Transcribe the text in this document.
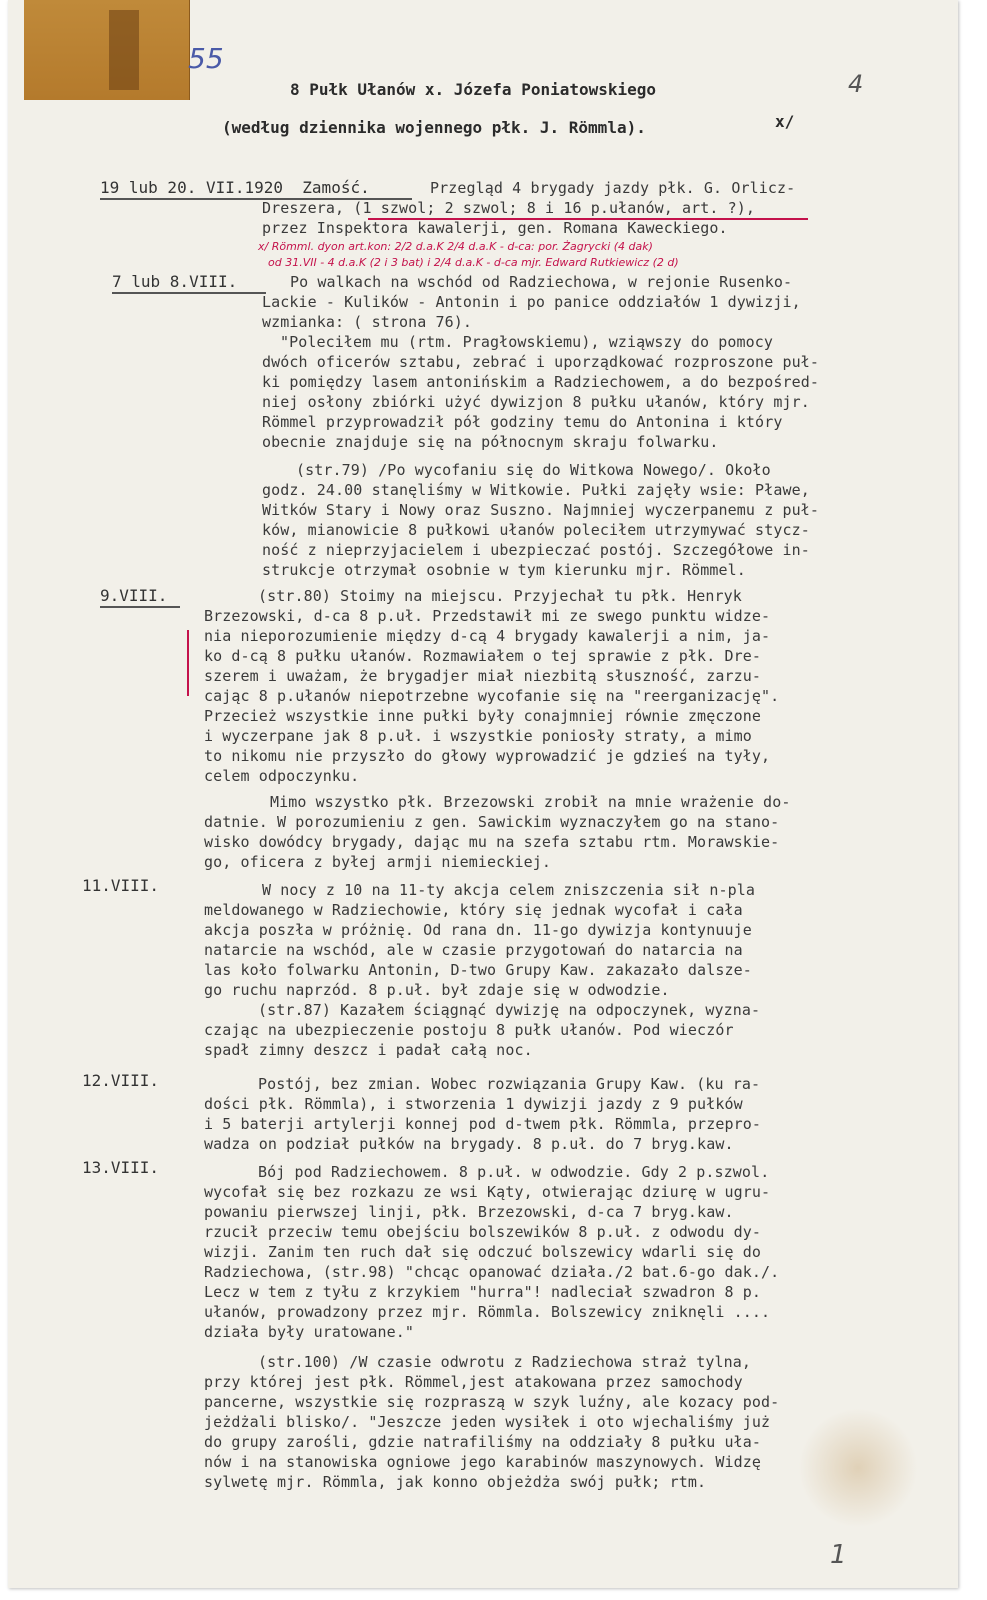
55
4
1
8 Pułk Ułanów x. Józefa Poniatowskiego
(według dziennika wojennego płk. J. Römmla).	x/
19 lub 20. VII.1920  Zamość.	Przegląd 4 brygady jazdy płk. G. Orlicz-
Dreszera, (1 szwol; 2 szwol; 8 i 16 p.ułanów, art. ?),
przez Inspektora kawalerji, gen. Romana Kaweckiego.
x/ Römml. dyon art.kon: 2/2 d.a.K 2/4 d.a.K - d-ca: por. Żagrycki (4 dak)
od 31.VII - 4 d.a.K (2 i 3 bat) i 2/4 d.a.K - d-ca mjr. Edward Rutkiewicz (2 d)
7 lub 8.VIII.	Po walkach na wschód od Radziechowa, w rejonie Rusenko-
Lackie - Kulików - Antonin i po panice oddziałów 1 dywizji,
wzmianka: ( strona 76).
"Poleciłem mu (rtm. Pragłowskiemu), wziąwszy do pomocy
dwóch oficerów sztabu, zebrać i uporządkować rozproszone puł-
ki pomiędzy lasem antonińskim a Radziechowem, a do bezpośred-
niej osłony zbiórki użyć dywizjon 8 pułku ułanów, który mjr.
Römmel przyprowadził pół godziny temu do Antonina i który
obecnie znajduje się na północnym skraju folwarku.
(str.79) /Po wycofaniu się do Witkowa Nowego/. Około
godz. 24.00 stanęliśmy w Witkowie. Pułki zajęły wsie: Pławe,
Witków Stary i Nowy oraz Suszno. Najmniej wyczerpanemu z puł-
ków, mianowicie 8 pułkowi ułanów poleciłem utrzymywać stycz-
ność z nieprzyjacielem i ubezpieczać postój. Szczegółowe in-
strukcje otrzymał osobnie w tym kierunku mjr. Römmel.
9.VIII.	(str.80) Stoimy na miejscu. Przyjechał tu płk. Henryk
Brzezowski, d-ca 8 p.uł. Przedstawił mi ze swego punktu widze-
nia nieporozumienie między d-cą 4 brygady kawalerji a nim, ja-
ko d-cą 8 pułku ułanów. Rozmawiałem o tej sprawie z płk. Dre-
szerem i uważam, że brygadjer miał niezbitą słuszność, zarzu-
cając 8 p.ułanów niepotrzebne wycofanie się na "reerganizację".
Przecież wszystkie inne pułki były conajmniej równie zmęczone
i wyczerpane jak 8 p.uł. i wszystkie poniosły straty, a mimo
to nikomu nie przyszło do głowy wyprowadzić je gdzieś na tyły,
celem odpoczynku.
Mimo wszystko płk. Brzezowski zrobił na mnie wrażenie do-
datnie. W porozumieniu z gen. Sawickim wyznaczyłem go na stano-
wisko dowódcy brygady, dając mu na szefa sztabu rtm. Morawskie-
go, oficera z byłej armji niemieckiej.
11.VIII.	W nocy z 10 na 11-ty akcja celem zniszczenia sił n-pla
meldowanego w Radziechowie, który się jednak wycofał i cała
akcja poszła w próżnię. Od rana dn. 11-go dywizja kontynuuje
natarcie na wschód, ale w czasie przygotowań do natarcia na
las koło folwarku Antonin, D-two Grupy Kaw. zakazało dalsze-
go ruchu naprzód. 8 p.uł. był zdaje się w odwodzie.
(str.87) Kazałem ściągnąć dywizję na odpoczynek, wyzna-
czając na ubezpieczenie postoju 8 pułk ułanów. Pod wieczór
spadł zimny deszcz i padał całą noc.
12.VIII.	Postój, bez zmian. Wobec rozwiązania Grupy Kaw. (ku ra-
dości płk. Römmla), i stworzenia 1 dywizji jazdy z 9 pułków
i 5 baterji artylerji konnej pod d-twem płk. Römmla, przepro-
wadza on podział pułków na brygady. 8 p.uł. do 7 bryg.kaw.
13.VIII.	Bój pod Radziechowem. 8 p.uł. w odwodzie. Gdy 2 p.szwol.
wycofał się bez rozkazu ze wsi Kąty, otwierając dziurę w ugru-
powaniu pierwszej linji, płk. Brzezowski, d-ca 7 bryg.kaw.
rzucił przeciw temu obejściu bolszewików 8 p.uł. z odwodu dy-
wizji. Zanim ten ruch dał się odczuć bolszewicy wdarli się do
Radziechowa, (str.98) "chcąc opanować działa./2 bat.6-go dak./.
Lecz w tem z tyłu z krzykiem "hurra"! nadleciał szwadron 8 p.
ułanów, prowadzony przez mjr. Römmla. Bolszewicy zniknęli ....
działa były uratowane."
(str.100) /W czasie odwrotu z Radziechowa straż tylna,
przy której jest płk. Römmel,jest atakowana przez samochody
pancerne, wszystkie się rozpraszą w szyk luźny, ale kozacy pod-
jeżdżali blisko/. "Jeszcze jeden wysiłek i oto wjechaliśmy już
do grupy zarośli, gdzie natrafiliśmy na oddziały 8 pułku uła-
nów i na stanowiska ogniowe jego karabinów maszynowych. Widzę
sylwetę mjr. Römmla, jak konno objeżdża swój pułk; rtm.
